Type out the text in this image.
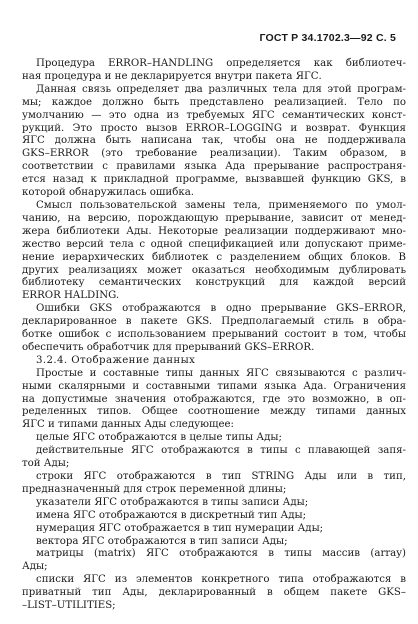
ГОСТ Р 34.1702.3—92 С. 5
Процедура ERROR–HANDLING определяется как библиотеч-
ная процедура и не декларируется внутри пакета ЯГС.
Данная связь определяет два различных тела для этой програм-
мы; каждое должно быть представлено реализацией. Тело по
умолчанию — это одна из требуемых ЯГС семантических конст-
рукций. Это просто вызов ERROR–LOGGING и возврат. Функция
ЯГС должна быть написана так, чтобы она не поддерживала
GKS–ERROR (это требование реализации). Таким образом, в
соответствии с правилами языка Ада прерывание распространя-
ется назад к прикладной программе, вызвавшей функцию GKS, в
которой обнаружилась ошибка.
Смысл пользовательской замены тела, применяемого по умол-
чанию, на версию, порождающую прерывание, зависит от менед-
жера библиотеки Ады. Некоторые реализации поддерживают мно-
жество версий тела с одной спецификацией или допускают приме-
нение иерархических библиотек с разделением общих блоков. В
других реализациях может оказаться необходимым дублировать
библиотеку семантических конструкций для каждой версий
ERROR HALDING.
Ошибки GKS отображаются в одно прерывание GKS–ERROR,
декларированное в пакете GKS. Предполагаемый стиль в обра-
ботке ошибок с использованием прерываний состоит в том, чтобы
обеспечить обработчик для прерываний GKS–ERROR.
3.2.4. Отображение данных
Простые и составные типы данных ЯГС связываются с различ-
ными скалярными и составными типами языка Ада. Ограничения
на допустимые значения отображаются, где это возможно, в оп-
ределенных типов. Общее соотношение между типами данных
ЯГС и типами данных Ады следующее:
целые ЯГС отображаются в целые типы Ады;
действительные ЯГС отображаются в типы с плавающей запя-
той Ады;
строки ЯГС отображаются в тип STRING Ады или в тип,
предназначенный для строк переменной длины;
указатели ЯГС отображаются в типы записи Ады;
имена ЯГС отображаются в дискретный тип Ады;
нумерация ЯГС отображается в тип нумерации Ады;
вектора ЯГС отображаются в тип записи Ады;
матрицы (matrix) ЯГС отображаются в типы массив (array)
Ады;
списки ЯГС из элементов конкретного типа отображаются в
приватный тип Ады, декларированный в общем пакете GKS–
–LIST–UTILITIES;
